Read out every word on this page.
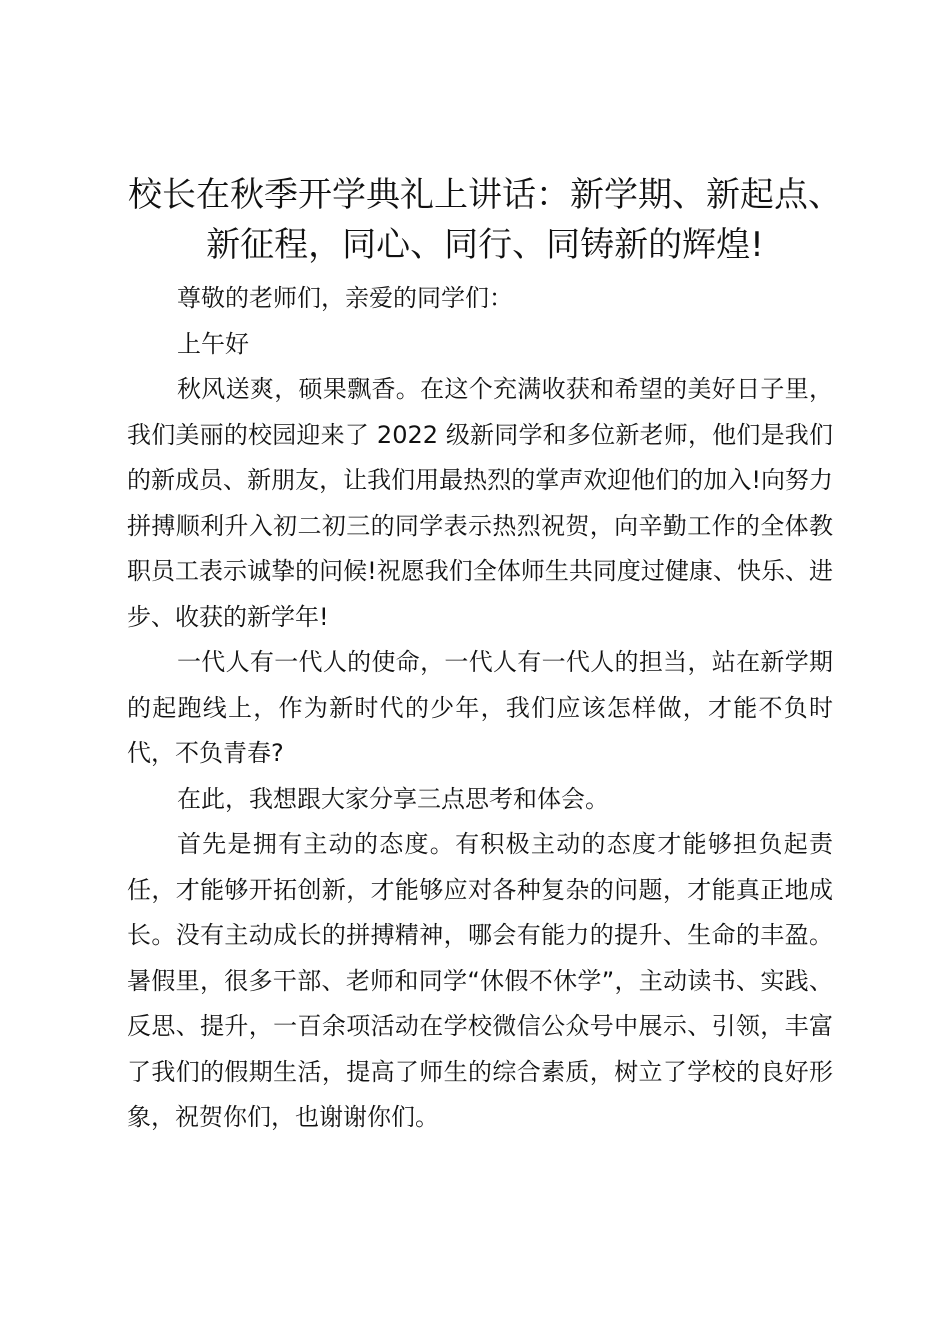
校长在秋季开学典礼上讲话：新学期、新起点、
新征程，同心、同行、同铸新的辉煌!

尊敬的老师们，亲爱的同学们：

上午好

秋风送爽，硕果飘香。在这个充满收获和希望的美好日子里，我们美丽的校园迎来了 2022 级新同学和多位新老师，他们是我们的新成员、新朋友，让我们用最热烈的掌声欢迎他们的加入!向努力拼搏顺利升入初二初三的同学表示热烈祝贺，向辛勤工作的全体教职员工表示诚挚的问候!祝愿我们全体师生共同度过健康、快乐、进步、收获的新学年!

一代人有一代人的使命，一代人有一代人的担当，站在新学期的起跑线上，作为新时代的少年，我们应该怎样做，才能不负时代，不负青春?

在此，我想跟大家分享三点思考和体会。

首先是拥有主动的态度。有积极主动的态度才能够担负起责任，才能够开拓创新，才能够应对各种复杂的问题，才能真正地成长。没有主动成长的拼搏精神，哪会有能力的提升、生命的丰盈。暑假里，很多干部、老师和同学“休假不休学”，主动读书、实践、反思、提升，一百余项活动在学校微信公众号中展示、引领，丰富了我们的假期生活，提高了师生的综合素质，树立了学校的良好形象，祝贺你们，也谢谢你们。
